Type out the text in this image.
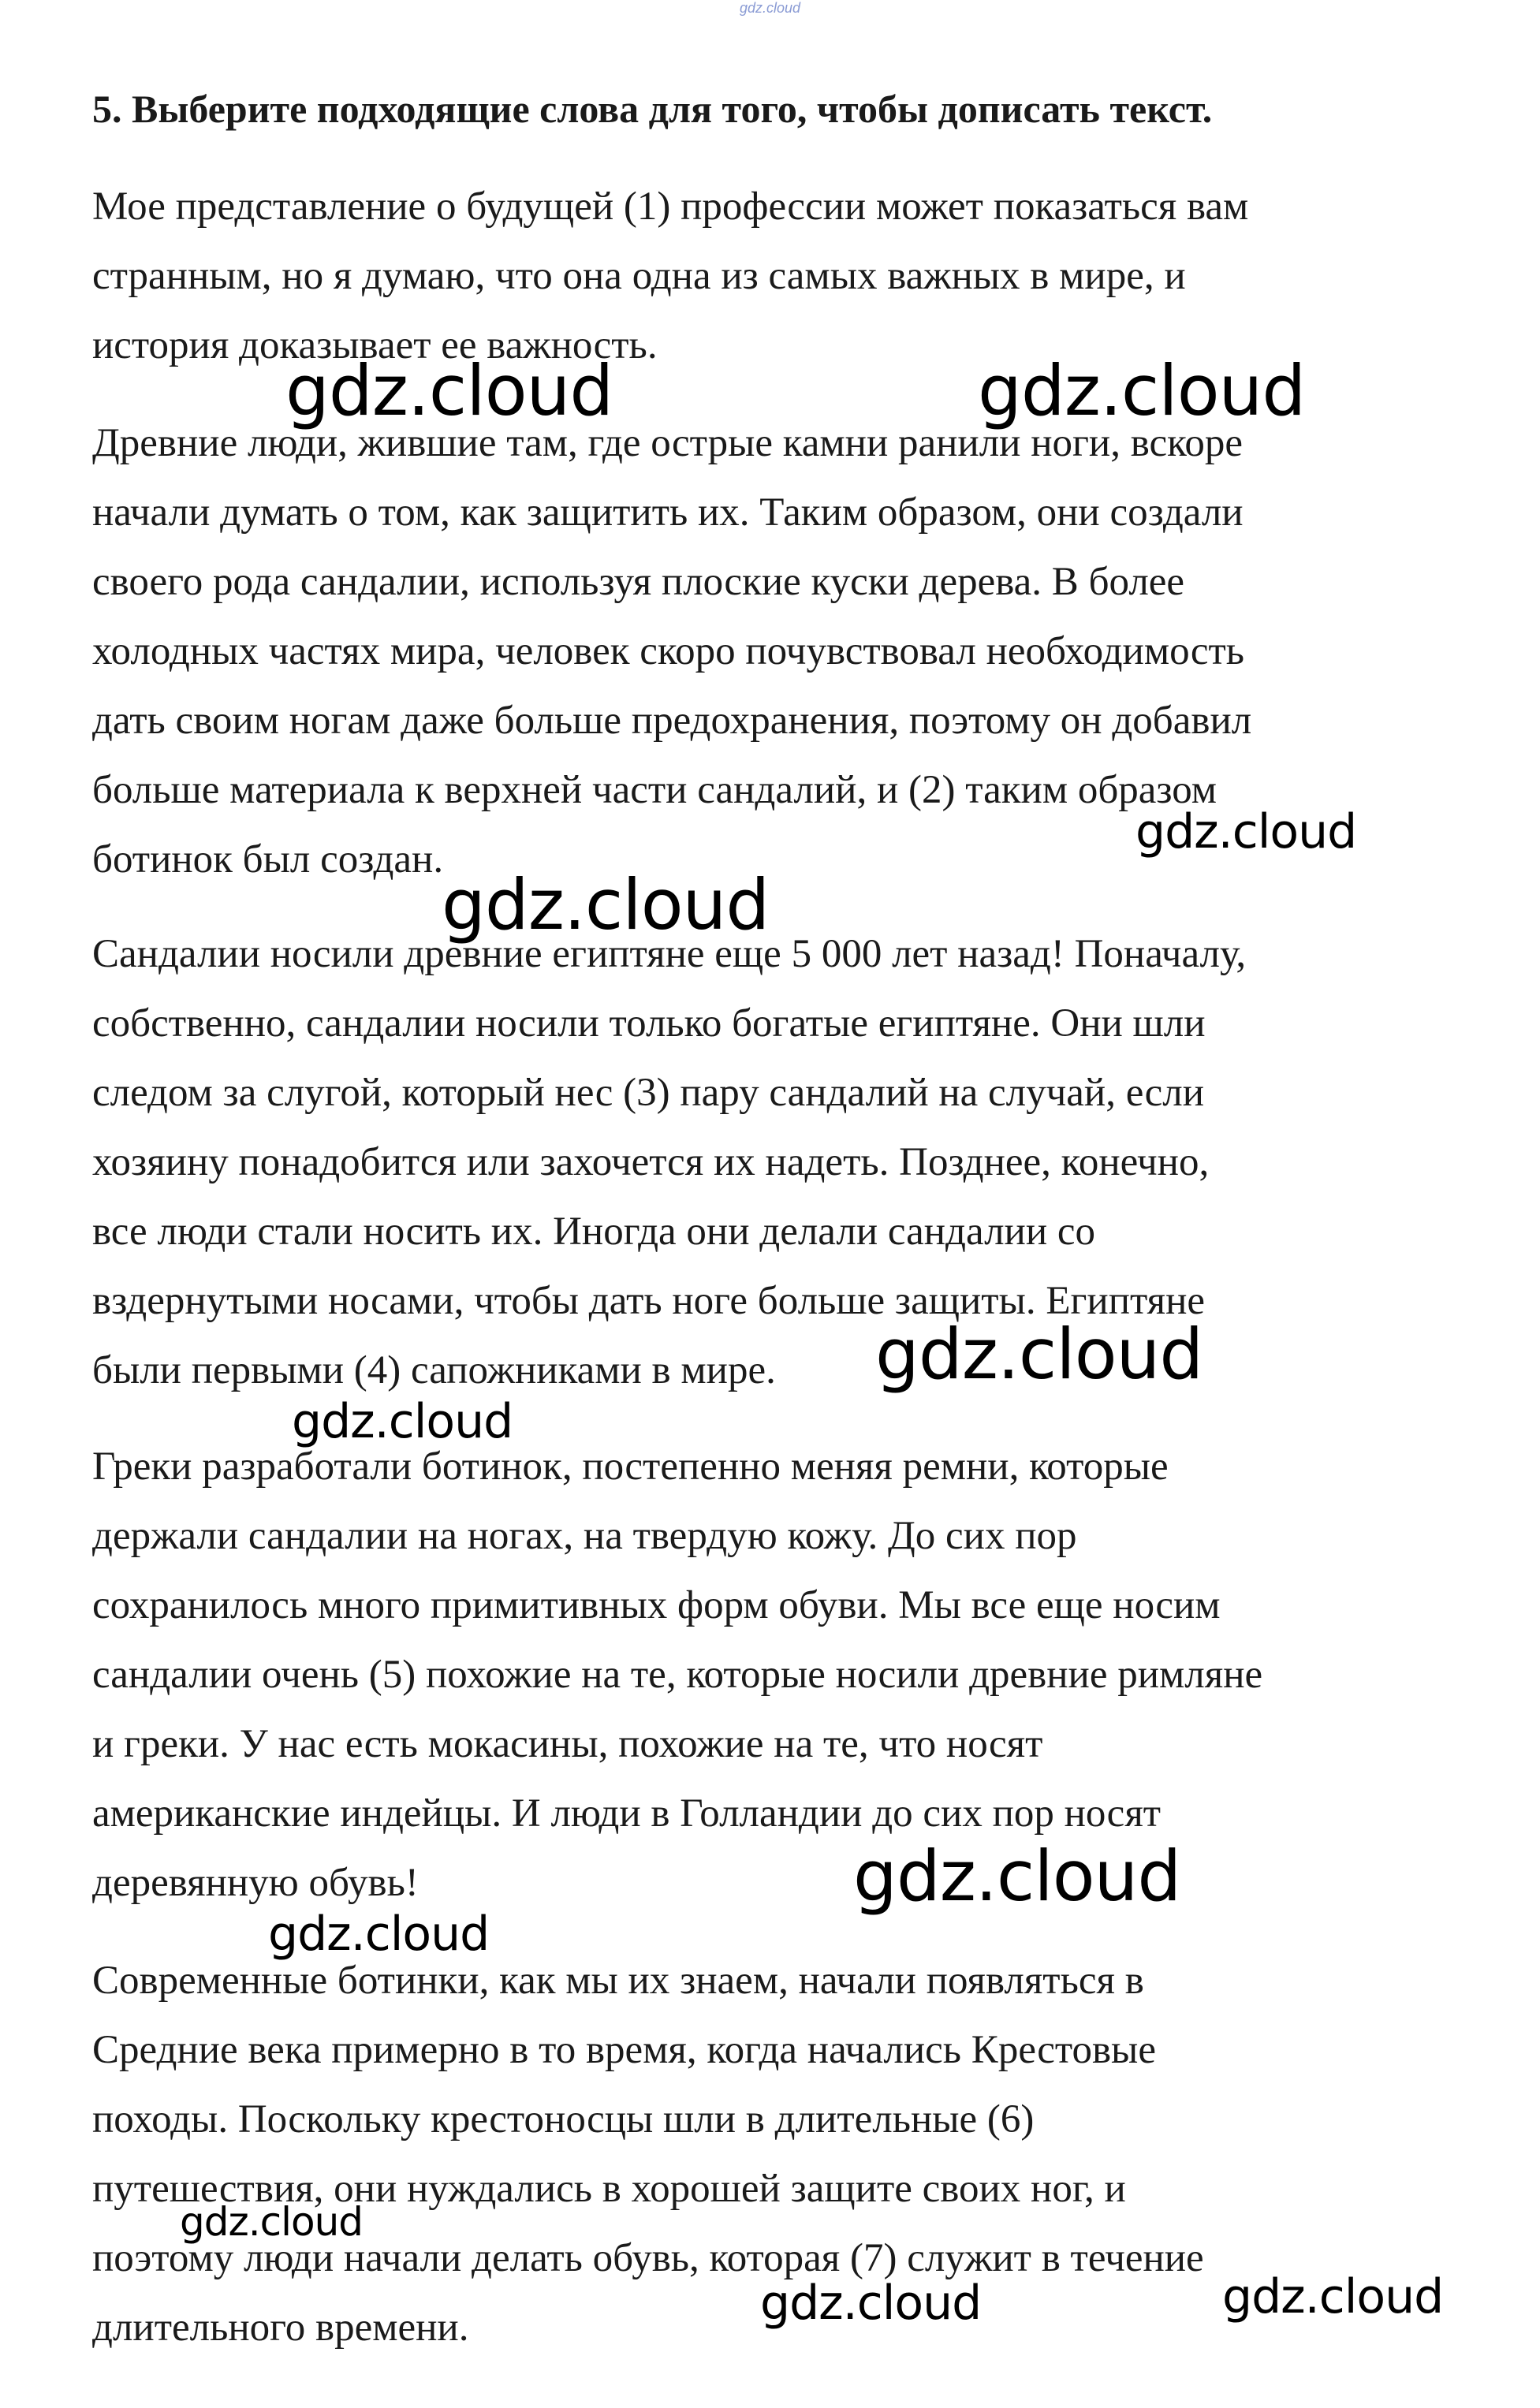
gdz.cloud
5. Выберите подходящие слова для того, чтобы дописать текст.
Мое представление о будущей (1) профессии может показаться вам
странным, но я думаю, что она одна из самых важных в мире, и
история доказывает ее важность.
Древние люди, жившие там, где острые камни ранили ноги, вскоре
начали думать о том, как защитить их. Таким образом, они создали
своего рода сандалии, используя плоские куски дерева. В более
холодных частях мира, человек скоро почувствовал необходимость
дать своим ногам даже больше предохранения, поэтому он добавил
больше материала к верхней части сандалий, и (2) таким образом
ботинок был создан.
Сандалии носили древние египтяне еще 5 000 лет назад! Поначалу,
собственно, сандалии носили только богатые египтяне. Они шли
следом за слугой, который нес (3) пару сандалий на случай, если
хозяину понадобится или захочется их надеть. Позднее, конечно,
все люди стали носить их. Иногда они делали сандалии со
вздернутыми носами, чтобы дать ноге больше защиты. Египтяне
были первыми (4) сапожниками в мире.
Греки разработали ботинок, постепенно меняя ремни, которые
держали сандалии на ногах, на твердую кожу. До сих пор
сохранилось много примитивных форм обуви. Мы все еще носим
сандалии очень (5) похожие на те, которые носили древние римляне
и греки. У нас есть мокасины, похожие на те, что носят
американские индейцы. И люди в Голландии до сих пор носят
деревянную обувь!
Современные ботинки, как мы их знаем, начали появляться в
Средние века примерно в то время, когда начались Крестовые
походы. Поскольку крестоносцы шли в длительные (6)
путешествия, они нуждались в хорошей защите своих ног, и
поэтому люди начали делать обувь, которая (7) служит в течение
длительного времени.
gdz.cloud	gdz.cloud
gdz.cloud
gdz.cloud
gdz.cloud
gdz.cloud
gdz.cloud
gdz.cloud
gdz.cloud
gdz.cloud	gdz.cloud
